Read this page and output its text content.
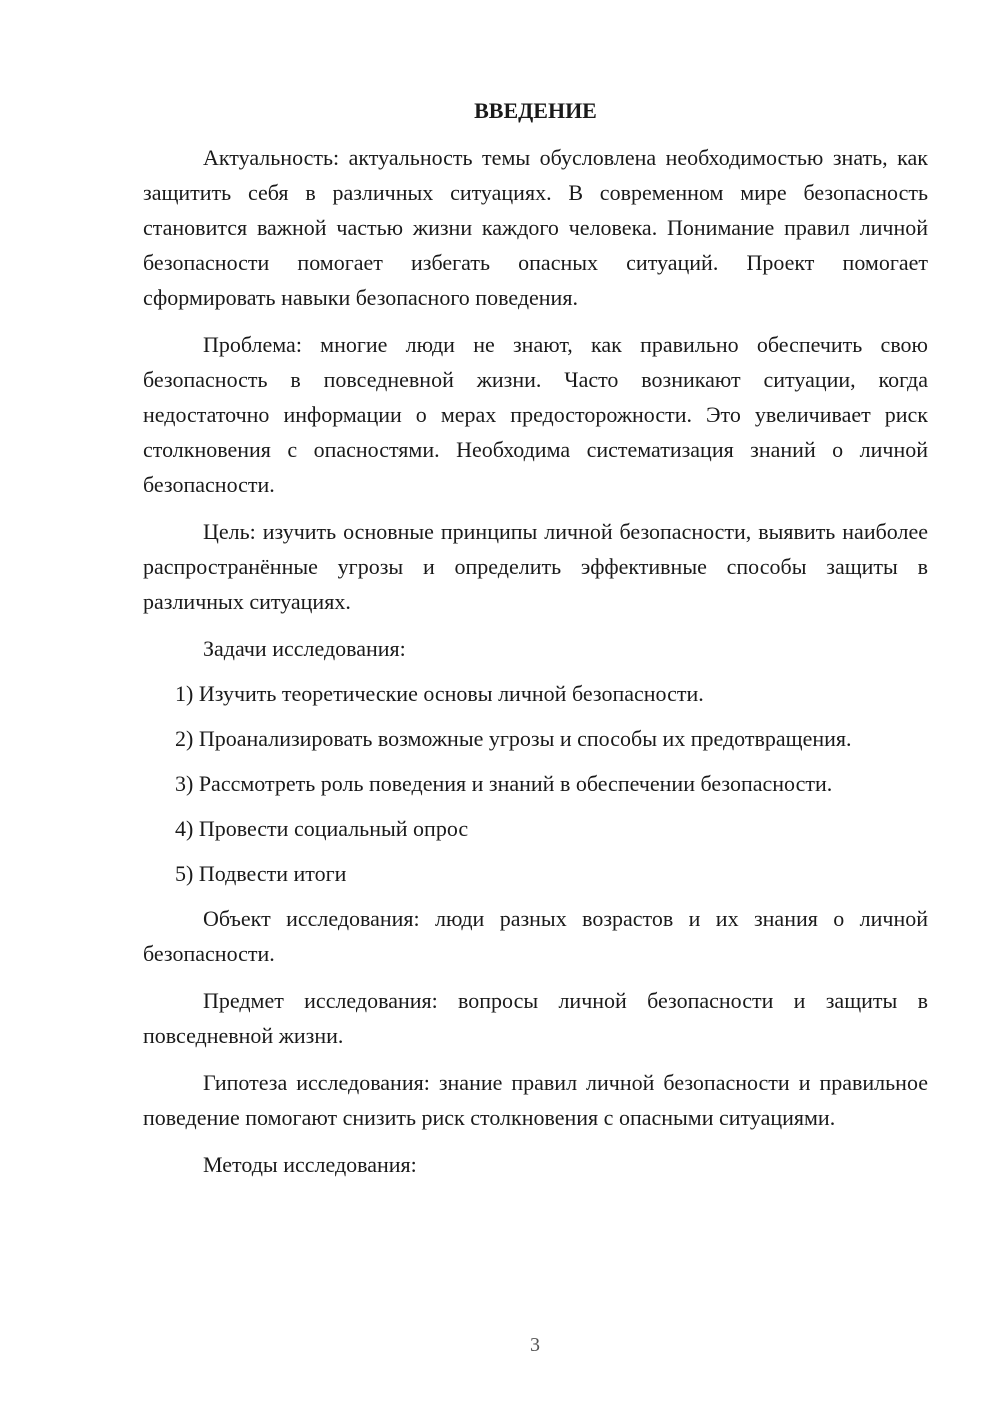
ВВЕДЕНИЕ

Актуальность: актуальность темы обусловлена необходимостью знать, как защитить себя в различных ситуациях. В современном мире безопасность становится важной частью жизни каждого человека. Понимание правил личной безопасности помогает избегать опасных ситуаций. Проект помогает сформировать навыки безопасного поведения.

Проблема: многие люди не знают, как правильно обеспечить свою безопасность в повседневной жизни. Часто возникают ситуации, когда недостаточно информации о мерах предосторожности. Это увеличивает риск столкновения с опасностями. Необходима систематизация знаний о личной безопасности.

Цель: изучить основные принципы личной безопасности, выявить наиболее распространённые угрозы и определить эффективные способы защиты в различных ситуациях.

Задачи исследования:

1) Изучить теоретические основы личной безопасности.

2) Проанализировать возможные угрозы и способы их предотвращения.

3) Рассмотреть роль поведения и знаний в обеспечении безопасности.

4) Провести социальный опрос

5) Подвести итоги

Объект исследования: люди разных возрастов и их знания о личной безопасности.

Предмет исследования: вопросы личной безопасности и защиты в повседневной жизни.

Гипотеза исследования: знание правил личной безопасности и правильное поведение помогают снизить риск столкновения с опасными ситуациями.

Методы исследования:

3
